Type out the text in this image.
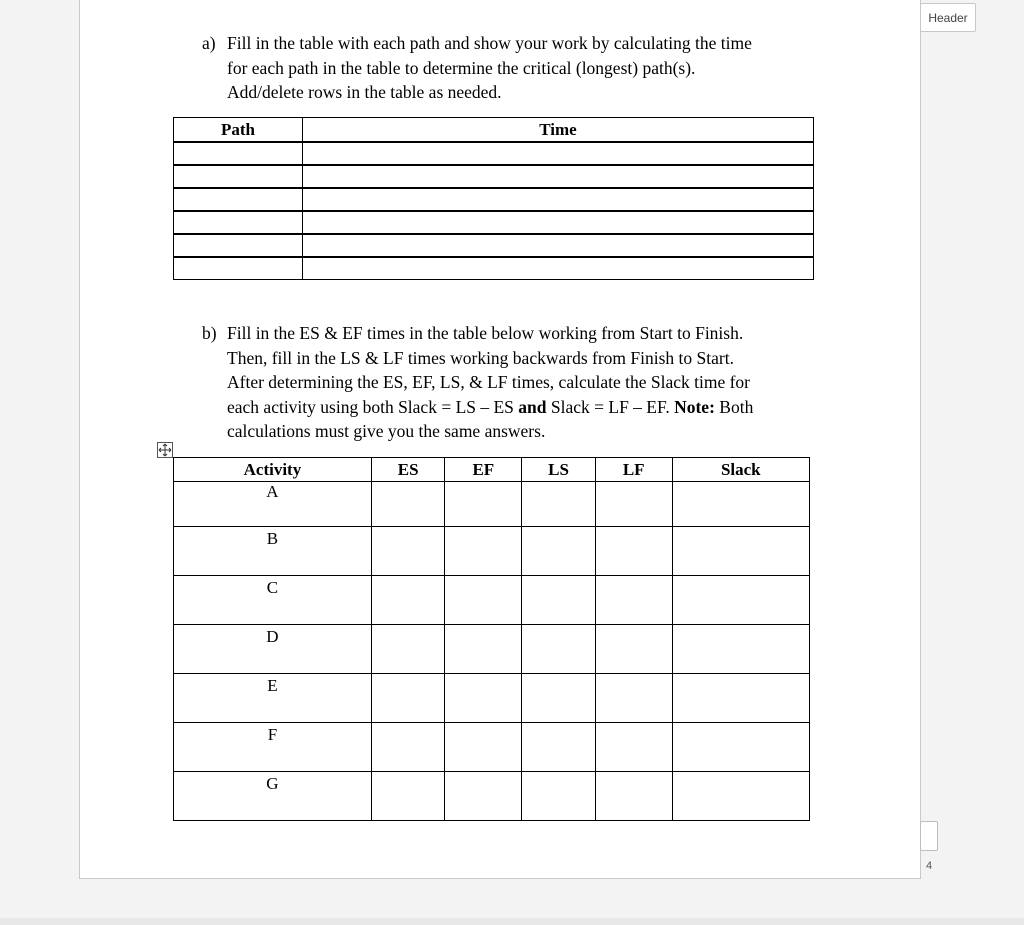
Header
4
a) Fill in the table with each path and show your work by calculating the time
for each path in the table to determine the critical (longest) path(s).
Add/delete rows in the table as needed.
Path	Time

b) Fill in the ES & EF times in the table below working from Start to Finish.
Then, fill in the LS & LF times working backwards from Finish to Start.
After determining the ES, EF, LS, & LF times, calculate the Slack time for
each activity using both Slack = LS – ES and Slack = LF – EF. Note: Both
calculations must give you the same answers.
Activity	ES	EF	LS	LF	Slack
A					

B					

C					

D					

E					

F					

G					
